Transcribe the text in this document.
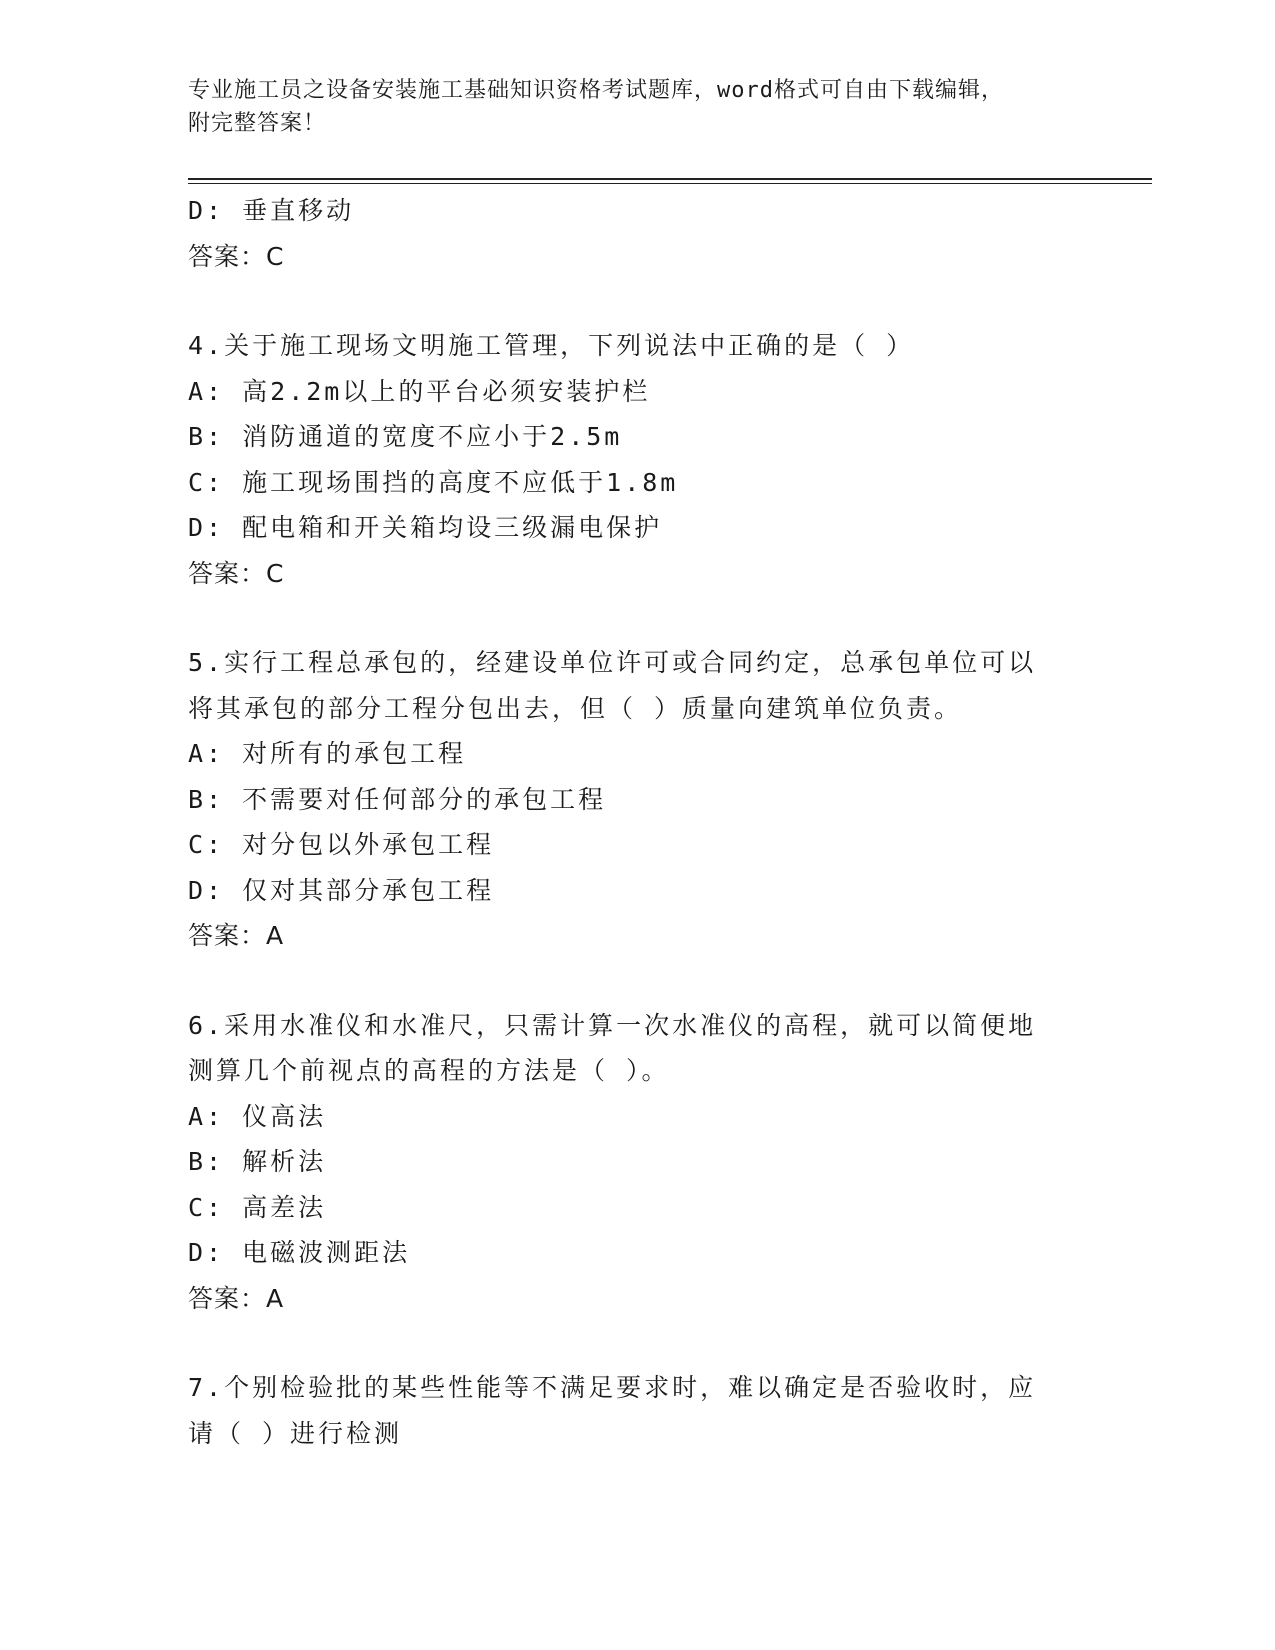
专业施工员之设备安装施工基础知识资格考试题库，word格式可自由下载编辑，
附完整答案！
D: 垂直移动
答案：C
4.关于施工现场文明施工管理，下列说法中正确的是（ ）
A: 高2.2m以上的平台必须安装护栏
B: 消防通道的宽度不应小于2.5m
C: 施工现场围挡的高度不应低于1.8m
D: 配电箱和开关箱均设三级漏电保护
答案：C
5.实行工程总承包的，经建设单位许可或合同约定，总承包单位可以
将其承包的部分工程分包出去，但（ ）质量向建筑单位负责。
A: 对所有的承包工程
B: 不需要对任何部分的承包工程
C: 对分包以外承包工程
D: 仅对其部分承包工程
答案：A
6.采用水准仪和水准尺，只需计算一次水准仪的高程，就可以简便地
测算几个前视点的高程的方法是（ ）。
A: 仪高法
B: 解析法
C: 高差法
D: 电磁波测距法
答案：A
7.个别检验批的某些性能等不满足要求时，难以确定是否验收时，应
请（ ）进行检测
